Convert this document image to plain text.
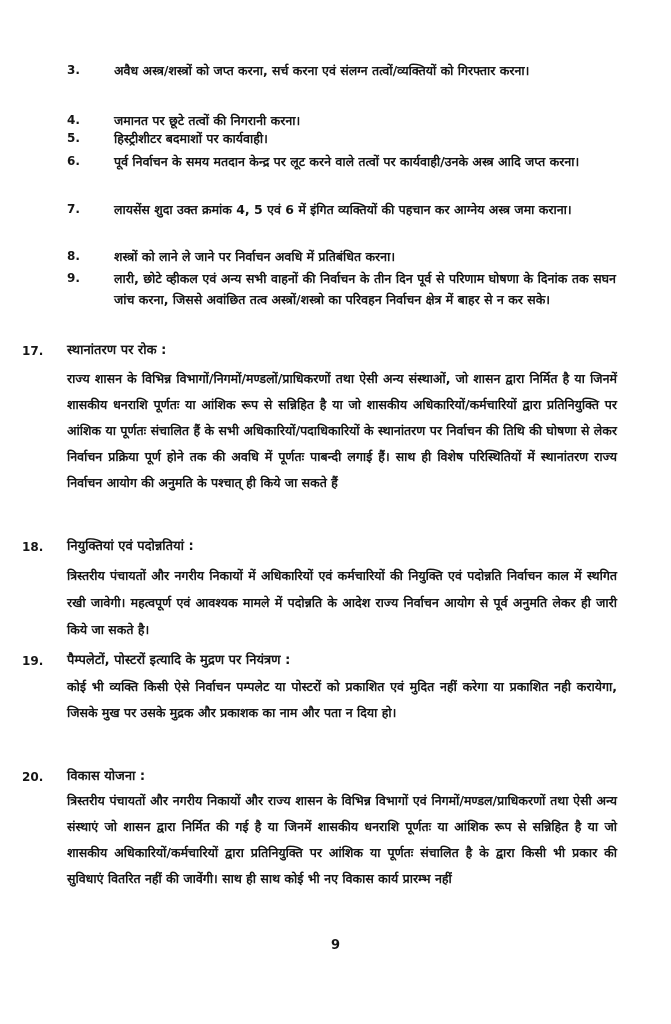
3.	अवैध अस्त्र/शस्त्रों को जप्त करना, सर्च करना एवं संलग्न तत्वों/व्यक्तियों को गिरफ्तार करना।
4.	जमानत पर छूटे तत्वों की निगरानी करना।
5.	हिस्ट्रीशीटर बदमाशों पर कार्यवाही।
6.	पूर्व निर्वाचन के समय मतदान केन्द्र पर लूट करने वाले तत्वों पर कार्यवाही/उनके अस्त्र आदि जप्त करना।
7.	लायसेंस शुदा उक्त क्रमांक 4, 5 एवं 6 में इंगित व्यक्तियों की पहचान कर आग्नेय अस्त्र जमा कराना।
8.	शस्त्रों को लाने ले जाने पर निर्वाचन अवधि में प्रतिबंधित करना।
9.	लारी, छोटे व्हीकल एवं अन्य सभी वाहनों की निर्वाचन के तीन दिन पूर्व से परिणाम घोषणा के दिनांक तक सघन जांच करना, जिससे अवांछित तत्व अस्त्रों/शस्त्रो का परिवहन निर्वाचन क्षेत्र में बाहर से न कर सके।
17. स्थानांतरण पर रोक :
राज्य शासन के विभिन्न विभागों/निगमों/मण्डलों/प्राधिकरणों तथा ऐसी अन्य संस्थाओं, जो शासन द्वारा निर्मित है या जिनमें शासकीय धनराशि पूर्णतः या आंशिक रूप से सन्निहित है या जो शासकीय अधिकारियों/कर्मचारियों द्वारा प्रतिनियुक्ति पर आंशिक या पूर्णतः संचालित हैं के सभी अधिकारियों/पदाधिकारियों के स्थानांतरण पर निर्वाचन की तिथि की घोषणा से लेकर निर्वाचन प्रक्रिया पूर्ण होने तक की अवधि में पूर्णतः पाबन्दी लगाई हैं। साथ ही विशेष परिस्थितियों में स्थानांतरण राज्य निर्वाचन आयोग की अनुमति के पश्चात् ही किये जा सकते हैं
18. नियुक्तियां एवं पदोन्नतियां :
त्रिस्तरीय पंचायतों और नगरीय निकायों में अधिकारियों एवं कर्मचारियों की नियुक्ति एवं पदोन्नति निर्वाचन काल में स्थगित रखी जावेगी। महत्वपूर्ण एवं आवश्यक मामले में पदोन्नति के आदेश राज्य निर्वाचन आयोग से पूर्व अनुमति लेकर ही जारी किये जा सकते है।
19. पैम्पलेटों, पोस्टरों इत्यादि के मुद्रण पर नियंत्रण :
कोई भी व्यक्ति किसी ऐसे निर्वाचन पम्पलेट या पोस्टरों को प्रकाशित एवं मुदित नहीं करेगा या प्रकाशित नही करायेगा, जिसके मुख पर उसके मुद्रक और प्रकाशक का नाम और पता न दिया हो।
20. विकास योजना :
त्रिस्तरीय पंचायतों और नगरीय निकायों और राज्य शासन के विभिन्न विभागों एवं निगमों/मण्डल/प्राधिकरणों तथा ऐसी अन्य संस्थाएं जो शासन द्वारा निर्मित की गई है या जिनमें शासकीय धनराशि पूर्णतः या आंशिक रूप से सन्निहित है या जो शासकीय अधिकारियों/कर्मचारियों द्वारा प्रतिनियुक्ति पर आंशिक या पूर्णतः संचालित है के द्वारा किसी भी प्रकार की सुविधाएं वितरित नहीं की जावेंगी। साथ ही साथ कोई भी नए विकास कार्य प्रारम्भ नहीं
9
